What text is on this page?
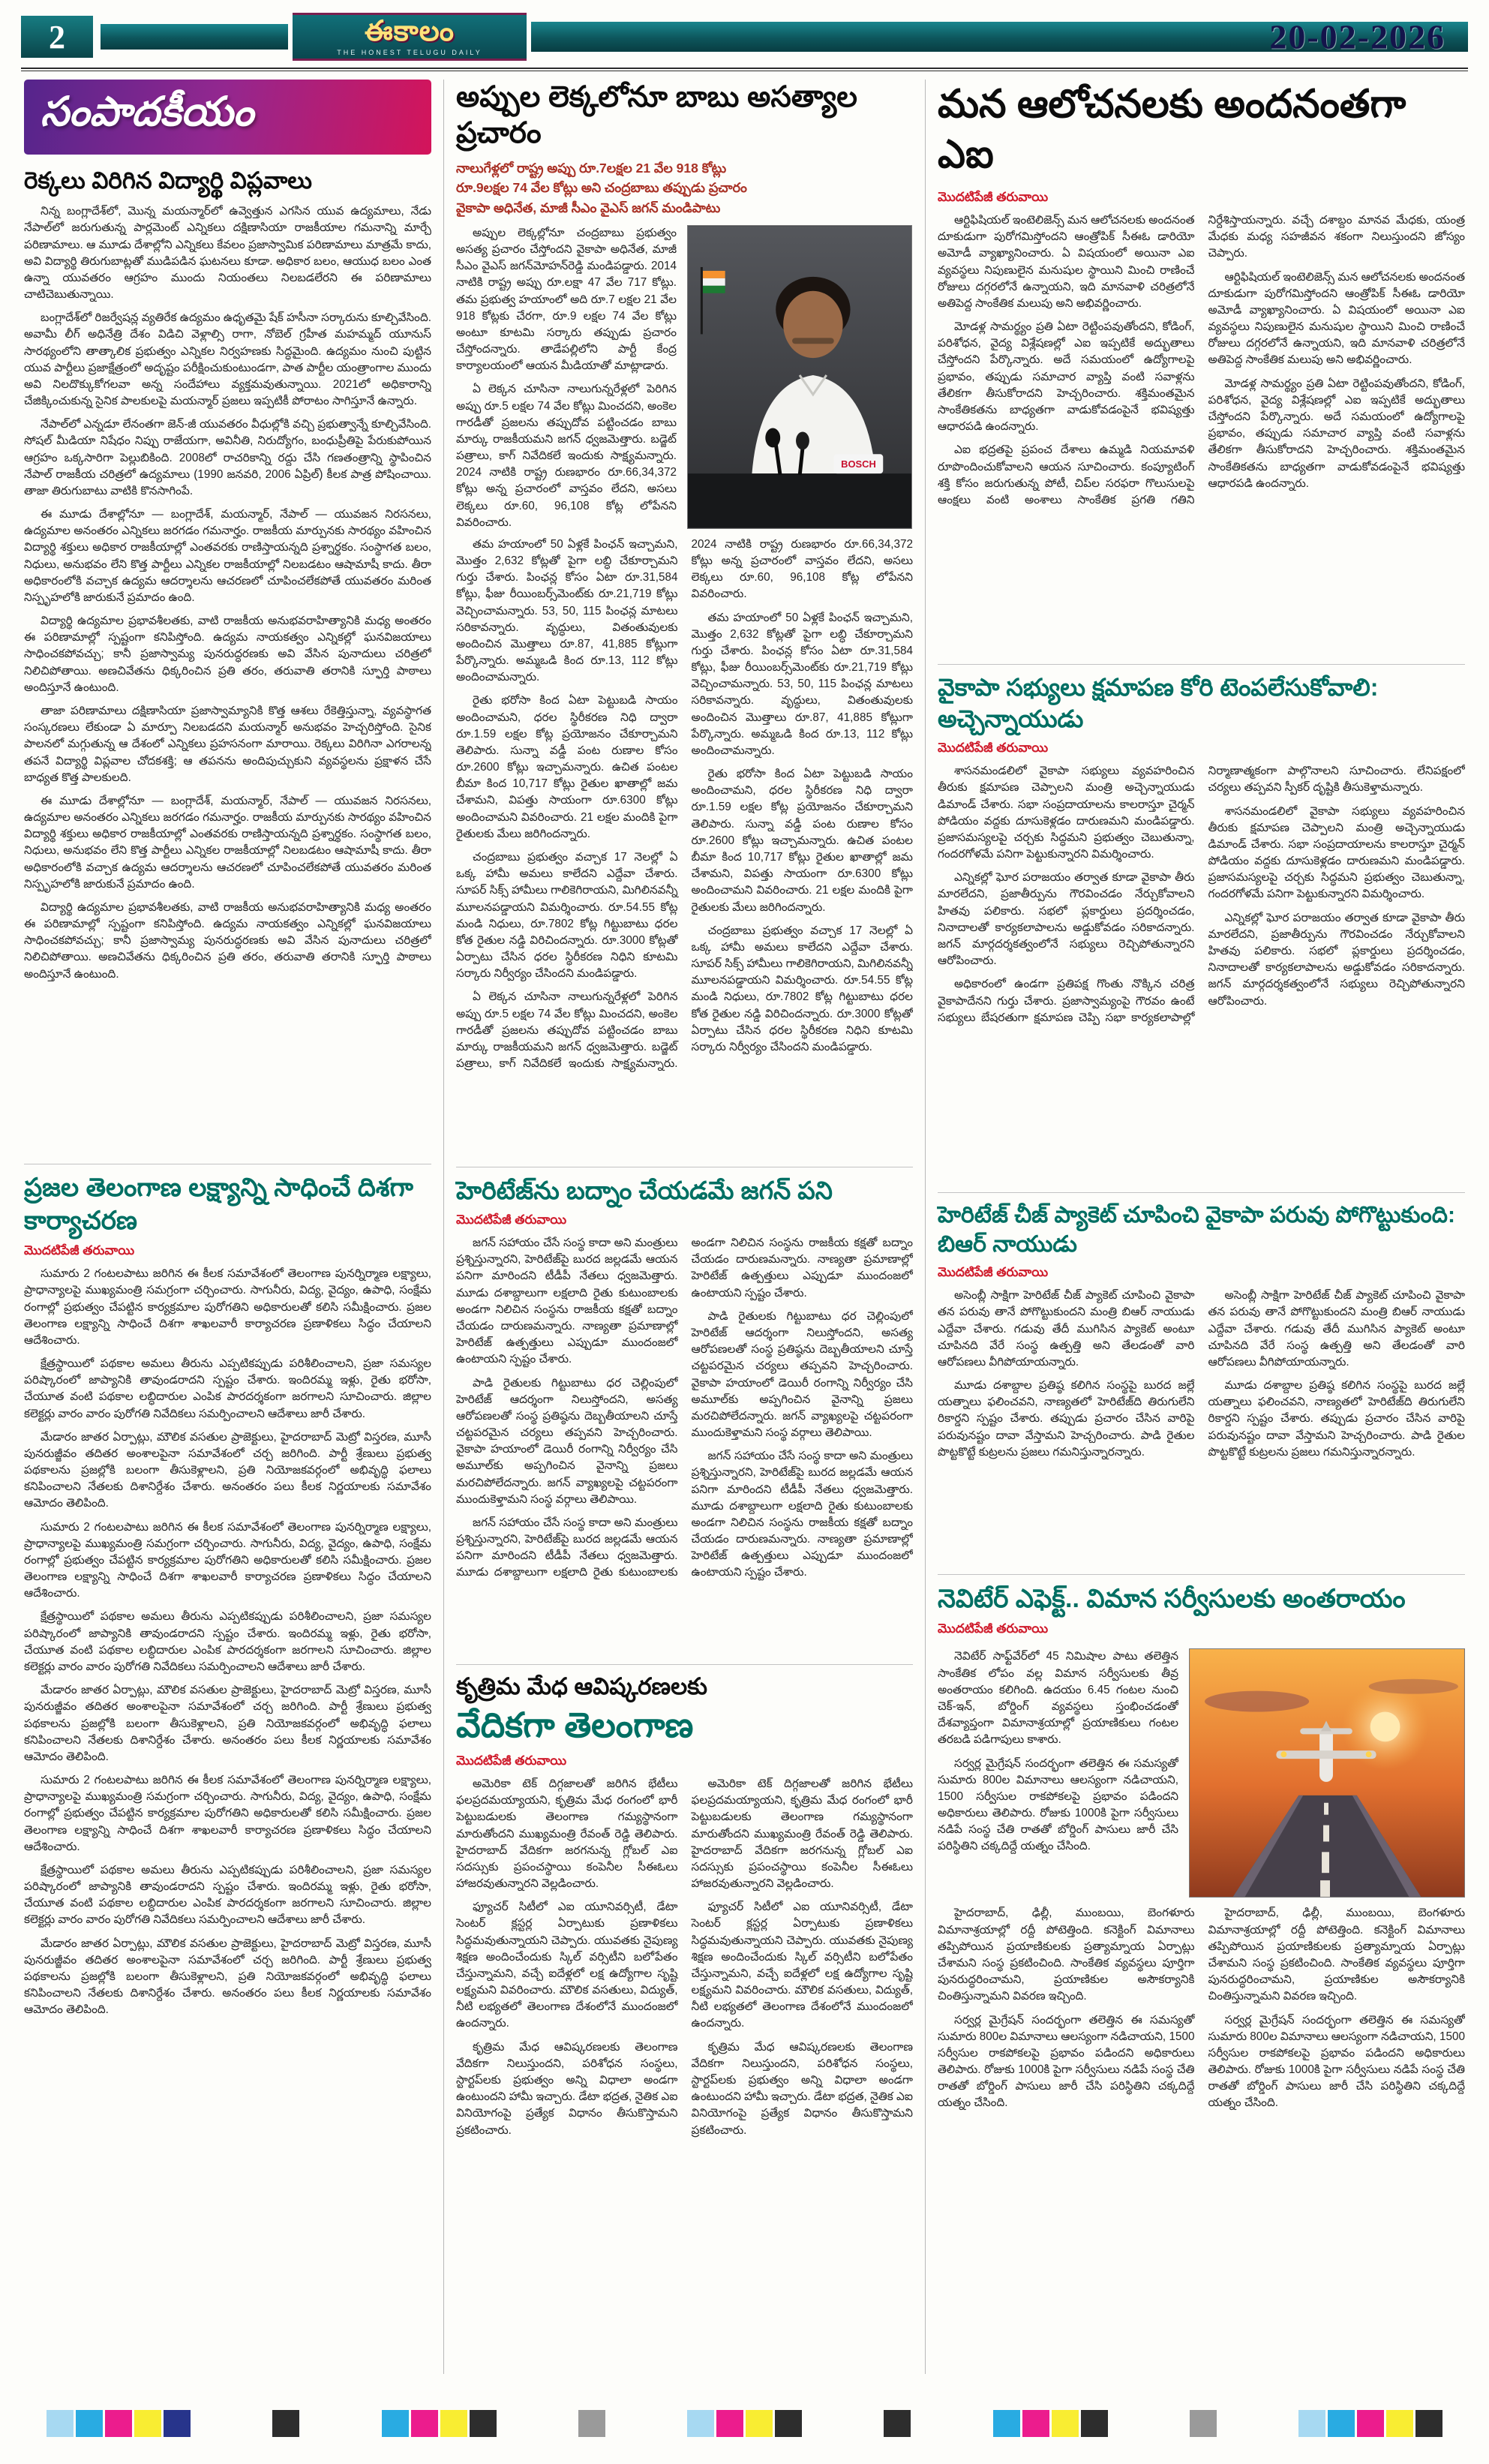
2	ఈకాలం
THE HONEST TELUGU DAILY	20-02-2026
సంపాదకీయం
రెక్కలు విరిగిన విద్యార్థి విప్లవాలు

నిన్న బంగ్లాదేశ్‌లో, మొన్న మయన్మార్‌లో ఉవ్వెత్తున ఎగసిన యువ ఉద్యమాలు, నేడు నేపాల్‌లో జరుగుతున్న పార్లమెంట్ ఎన్నికలు దక్షిణాసియా రాజకీయాల గమనాన్ని మార్చే పరిణామాలు. ఆ మూడు దేశాల్లోని ఎన్నికలు కేవలం ప్రజాస్వామిక పరిణామాలు మాత్రమే కాదు, అవి విద్యార్థి తిరుగుబాట్లతో ముడిపడిన ఘటనలు కూడా. అధికార బలం, ఆయుధ బలం ఎంత ఉన్నా యువతరం ఆగ్రహం ముందు నియంతలు నిలబడలేరని ఈ పరిణామాలు చాటిచెబుతున్నాయి.

బంగ్లాదేశ్‌లో రిజర్వేషన్ల వ్యతిరేక ఉద్యమం ఉధృతమై షేక్ హసీనా సర్కారును కూల్చివేసింది. అవామీ లీగ్ అధినేత్రి దేశం విడిచి వెళ్లాల్సి రాగా, నోబెల్ గ్రహీత మహమ్మద్ యూనుస్ సారథ్యంలోని తాత్కాలిక ప్రభుత్వం ఎన్నికల నిర్వహణకు సిద్ధమైంది. ఉద్యమం నుంచి పుట్టిన యువ పార్టీలు ప్రజాక్షేత్రంలో అదృష్టం పరీక్షించుకుంటుండగా, పాత పార్టీల యంత్రాంగాల ముందు అవి నిలదొక్కుకోగలవా అన్న సందేహాలు వ్యక్తమవుతున్నాయి. 2021లో అధికారాన్ని చేజిక్కించుకున్న సైనిక పాలకులపై మయన్మార్ ప్రజలు ఇప్పటికీ పోరాటం సాగిస్తూనే ఉన్నారు.

నేపాల్‌లో ఎన్నడూ లేనంతగా జెన్-జీ యువతరం వీధుల్లోకి వచ్చి ప్రభుత్వాన్నే కూల్చివేసింది. సోషల్ మీడియా నిషేధం నిప్పు రాజేయగా, అవినీతి, నిరుద్యోగం, బంధుప్రీతిపై పేరుకుపోయిన ఆగ్రహం ఒక్కసారిగా పెల్లుబికింది. 2008లో రాచరికాన్ని రద్దు చేసి గణతంత్రాన్ని స్థాపించిన నేపాల్ రాజకీయ చరిత్రలో ఉద్యమాలు (1990 జనవరి, 2006 ఏప్రిల్) కీలక పాత్ర పోషించాయి. తాజా తిరుగుబాటు వాటికి కొనసాగింపే.

ఈ మూడు దేశాల్లోనూ — బంగ్లాదేశ్, మయన్మార్, నేపాల్ — యువజన నిరసనలు, ఉద్యమాల అనంతరం ఎన్నికలు జరగడం గమనార్హం. రాజకీయ మార్పునకు సారథ్యం వహించిన విద్యార్థి శక్తులు అధికార రాజకీయాల్లో ఎంతవరకు రాణిస్తాయన్నది ప్రశ్నార్థకం. సంస్థాగత బలం, నిధులు, అనుభవం లేని కొత్త పార్టీలు ఎన్నికల రాజకీయాల్లో నిలబడటం ఆషామాషీ కాదు. తీరా అధికారంలోకి వచ్చాక ఉద్యమ ఆదర్శాలను ఆచరణలో చూపించలేకపోతే యువతరం మరింత నిస్పృహలోకి జారుకునే ప్రమాదం ఉంది.

విద్యార్థి ఉద్యమాల ప్రభావశీలతకు, వాటి రాజకీయ అనుభవరాహిత్యానికి మధ్య అంతరం ఈ పరిణామాల్లో స్పష్టంగా కనిపిస్తోంది. ఉద్యమ నాయకత్వం ఎన్నికల్లో ఘనవిజయాలు సాధించకపోవచ్చు; కానీ ప్రజాస్వామ్య పునరుద్ధరణకు అవి వేసిన పునాదులు చరిత్రలో నిలిచిపోతాయి. అణచివేతను ధిక్కరించిన ప్రతి తరం, తరువాతి తరానికి స్ఫూర్తి పాఠాలు అందిస్తూనే ఉంటుంది.

తాజా పరిణామాలు దక్షిణాసియా ప్రజాస్వామ్యానికి కొత్త ఆశలు రేకెత్తిస్తున్నా, వ్యవస్థాగత సంస్కరణలు లేకుండా ఏ మార్పూ నిలబడదని మయన్మార్ అనుభవం హెచ్చరిస్తోంది. సైనిక పాలనలో మగ్గుతున్న ఆ దేశంలో ఎన్నికలు ప్రహసనంగా మారాయి. రెక్కలు విరిగినా ఎగరాలన్న తపనే విద్యార్థి విప్లవాల చోదకశక్తి; ఆ తపనను అందిపుచ్చుకుని వ్యవస్థలను ప్రక్షాళన చేసే బాధ్యత కొత్త పాలకులది.

ఈ మూడు దేశాల్లోనూ — బంగ్లాదేశ్, మయన్మార్, నేపాల్ — యువజన నిరసనలు, ఉద్యమాల అనంతరం ఎన్నికలు జరగడం గమనార్హం. రాజకీయ మార్పునకు సారథ్యం వహించిన విద్యార్థి శక్తులు అధికార రాజకీయాల్లో ఎంతవరకు రాణిస్తాయన్నది ప్రశ్నార్థకం. సంస్థాగత బలం, నిధులు, అనుభవం లేని కొత్త పార్టీలు ఎన్నికల రాజకీయాల్లో నిలబడటం ఆషామాషీ కాదు. తీరా అధికారంలోకి వచ్చాక ఉద్యమ ఆదర్శాలను ఆచరణలో చూపించలేకపోతే యువతరం మరింత నిస్పృహలోకి జారుకునే ప్రమాదం ఉంది.

విద్యార్థి ఉద్యమాల ప్రభావశీలతకు, వాటి రాజకీయ అనుభవరాహిత్యానికి మధ్య అంతరం ఈ పరిణామాల్లో స్పష్టంగా కనిపిస్తోంది. ఉద్యమ నాయకత్వం ఎన్నికల్లో ఘనవిజయాలు సాధించకపోవచ్చు; కానీ ప్రజాస్వామ్య పునరుద్ధరణకు అవి వేసిన పునాదులు చరిత్రలో నిలిచిపోతాయి. అణచివేతను ధిక్కరించిన ప్రతి తరం, తరువాతి తరానికి స్ఫూర్తి పాఠాలు అందిస్తూనే ఉంటుంది.

ప్రజల తెలంగాణ లక్ష్యాన్ని సాధించే దిశగా కార్యాచరణ
మొదటిపేజీ తరువాయి

సుమారు 2 గంటలపాటు జరిగిన ఈ కీలక సమావేశంలో తెలంగాణ పునర్నిర్మాణ లక్ష్యాలు, ప్రాధాన్యాలపై ముఖ్యమంత్రి సమగ్రంగా చర్చించారు. సాగునీరు, విద్య, వైద్యం, ఉపాధి, సంక్షేమ రంగాల్లో ప్రభుత్వం చేపట్టిన కార్యక్రమాల పురోగతిని అధికారులతో కలిసి సమీక్షించారు. ప్రజల తెలంగాణ లక్ష్యాన్ని సాధించే దిశగా శాఖలవారీ కార్యాచరణ ప్రణాళికలు సిద్ధం చేయాలని ఆదేశించారు.

క్షేత్రస్థాయిలో పథకాల అమలు తీరును ఎప్పటికప్పుడు పరిశీలించాలని, ప్రజా సమస్యల పరిష్కారంలో జాప్యానికి తావుండరాదని స్పష్టం చేశారు. ఇందిరమ్మ ఇళ్లు, రైతు భరోసా, చేయూత వంటి పథకాల లబ్ధిదారుల ఎంపిక పారదర్శకంగా జరగాలని సూచించారు. జిల్లాల కలెక్టర్లు వారం వారం పురోగతి నివేదికలు సమర్పించాలని ఆదేశాలు జారీ చేశారు.

మేడారం జాతర ఏర్పాట్లు, మౌలిక వసతుల ప్రాజెక్టులు, హైదరాబాద్ మెట్రో విస్తరణ, మూసీ పునరుజ్జీవం తదితర అంశాలపైనా సమావేశంలో చర్చ జరిగింది. పార్టీ శ్రేణులు ప్రభుత్వ పథకాలను ప్రజల్లోకి బలంగా తీసుకెళ్లాలని, ప్రతి నియోజకవర్గంలో అభివృద్ధి ఫలాలు కనిపించాలని నేతలకు దిశానిర్దేశం చేశారు. అనంతరం పలు కీలక నిర్ణయాలకు సమావేశం ఆమోదం తెలిపింది.

సుమారు 2 గంటలపాటు జరిగిన ఈ కీలక సమావేశంలో తెలంగాణ పునర్నిర్మాణ లక్ష్యాలు, ప్రాధాన్యాలపై ముఖ్యమంత్రి సమగ్రంగా చర్చించారు. సాగునీరు, విద్య, వైద్యం, ఉపాధి, సంక్షేమ రంగాల్లో ప్రభుత్వం చేపట్టిన కార్యక్రమాల పురోగతిని అధికారులతో కలిసి సమీక్షించారు. ప్రజల తెలంగాణ లక్ష్యాన్ని సాధించే దిశగా శాఖలవారీ కార్యాచరణ ప్రణాళికలు సిద్ధం చేయాలని ఆదేశించారు.

క్షేత్రస్థాయిలో పథకాల అమలు తీరును ఎప్పటికప్పుడు పరిశీలించాలని, ప్రజా సమస్యల పరిష్కారంలో జాప్యానికి తావుండరాదని స్పష్టం చేశారు. ఇందిరమ్మ ఇళ్లు, రైతు భరోసా, చేయూత వంటి పథకాల లబ్ధిదారుల ఎంపిక పారదర్శకంగా జరగాలని సూచించారు. జిల్లాల కలెక్టర్లు వారం వారం పురోగతి నివేదికలు సమర్పించాలని ఆదేశాలు జారీ చేశారు.

మేడారం జాతర ఏర్పాట్లు, మౌలిక వసతుల ప్రాజెక్టులు, హైదరాబాద్ మెట్రో విస్తరణ, మూసీ పునరుజ్జీవం తదితర అంశాలపైనా సమావేశంలో చర్చ జరిగింది. పార్టీ శ్రేణులు ప్రభుత్వ పథకాలను ప్రజల్లోకి బలంగా తీసుకెళ్లాలని, ప్రతి నియోజకవర్గంలో అభివృద్ధి ఫలాలు కనిపించాలని నేతలకు దిశానిర్దేశం చేశారు. అనంతరం పలు కీలక నిర్ణయాలకు సమావేశం ఆమోదం తెలిపింది.

సుమారు 2 గంటలపాటు జరిగిన ఈ కీలక సమావేశంలో తెలంగాణ పునర్నిర్మాణ లక్ష్యాలు, ప్రాధాన్యాలపై ముఖ్యమంత్రి సమగ్రంగా చర్చించారు. సాగునీరు, విద్య, వైద్యం, ఉపాధి, సంక్షేమ రంగాల్లో ప్రభుత్వం చేపట్టిన కార్యక్రమాల పురోగతిని అధికారులతో కలిసి సమీక్షించారు. ప్రజల తెలంగాణ లక్ష్యాన్ని సాధించే దిశగా శాఖలవారీ కార్యాచరణ ప్రణాళికలు సిద్ధం చేయాలని ఆదేశించారు.

క్షేత్రస్థాయిలో పథకాల అమలు తీరును ఎప్పటికప్పుడు పరిశీలించాలని, ప్రజా సమస్యల పరిష్కారంలో జాప్యానికి తావుండరాదని స్పష్టం చేశారు. ఇందిరమ్మ ఇళ్లు, రైతు భరోసా, చేయూత వంటి పథకాల లబ్ధిదారుల ఎంపిక పారదర్శకంగా జరగాలని సూచించారు. జిల్లాల కలెక్టర్లు వారం వారం పురోగతి నివేదికలు సమర్పించాలని ఆదేశాలు జారీ చేశారు.

మేడారం జాతర ఏర్పాట్లు, మౌలిక వసతుల ప్రాజెక్టులు, హైదరాబాద్ మెట్రో విస్తరణ, మూసీ పునరుజ్జీవం తదితర అంశాలపైనా సమావేశంలో చర్చ జరిగింది. పార్టీ శ్రేణులు ప్రభుత్వ పథకాలను ప్రజల్లోకి బలంగా తీసుకెళ్లాలని, ప్రతి నియోజకవర్గంలో అభివృద్ధి ఫలాలు కనిపించాలని నేతలకు దిశానిర్దేశం చేశారు. అనంతరం పలు కీలక నిర్ణయాలకు సమావేశం ఆమోదం తెలిపింది.

అప్పుల లెక్కలోనూ బాబు అసత్యాల ప్రచారం
నాలుగేళ్లలో రాష్ట్ర అప్పు రూ.7లక్షల 21 వేల 918 కోట్లు
రూ.9లక్షల 74 వేల కోట్లు అని చంద్రబాబు తప్పుడు ప్రచారం
వైకాపా అధినేత, మాజీ సీఎం వైఎస్ జగన్ మండిపాటు

అప్పుల లెక్కల్లోనూ చంద్రబాబు ప్రభుత్వం అసత్య ప్రచారం చేస్తోందని వైకాపా అధినేత, మాజీ సీఎం వైఎస్ జగన్‌మోహన్‌రెడ్డి మండిపడ్డారు. 2014 నాటికి రాష్ట్ర అప్పు రూ.లక్షా 47 వేల 717 కోట్లు. తమ ప్రభుత్వ హయాంలో అది రూ.7 లక్షల 21 వేల 918 కోట్లకు చేరగా, రూ.9 లక్షల 74 వేల కోట్లు అంటూ కూటమి సర్కారు తప్పుడు ప్రచారం చేస్తోందన్నారు. తాడేపల్లిలోని పార్టీ కేంద్ర కార్యాలయంలో ఆయన మీడియాతో మాట్లాడారు.

ఏ లెక్కన చూసినా నాలుగున్నరేళ్లలో పెరిగిన అప్పు రూ.5 లక్షల 74 వేల కోట్లు మించదని, అంకెల గారడీతో ప్రజలను తప్పుదోవ పట్టించడం బాబు మార్కు రాజకీయమని జగన్ ధ్వజమెత్తారు. బడ్జెట్ పత్రాలు, కాగ్ నివేదికలే ఇందుకు సాక్ష్యమన్నారు. 2024 నాటికి రాష్ట్ర రుణభారం రూ.66,34,372 కోట్లు అన్న ప్రచారంలో వాస్తవం లేదని, అసలు లెక్కలు రూ.60, 96,108 కోట్ల లోపేనని వివరించారు.

BOSCH

తమ హయాంలో 50 ఏళ్లకే పింఛన్ ఇచ్చామని, మొత్తం 2,632 కోట్లతో పైగా లబ్ధి చేకూర్చామని గుర్తు చేశారు. పింఛన్ల కోసం ఏటా రూ.31,584 కోట్లు, ఫీజు రీయింబర్స్‌మెంట్‌కు రూ.21,719 కోట్లు వెచ్చించామన్నారు. 53, 50, 115 పింఛన్ల మాటలు సరికావన్నారు. వృద్ధులు, వితంతువులకు అందించిన మొత్తాలు రూ.87, 41,885 కోట్లుగా పేర్కొన్నారు. అమ్మఒడి కింద రూ.13, 112 కోట్లు అందించామన్నారు.

రైతు భరోసా కింద ఏటా పెట్టుబడి సాయం అందించామని, ధరల స్థిరీకరణ నిధి ద్వారా రూ.1.59 లక్షల కోట్ల ప్రయోజనం చేకూర్చామని తెలిపారు. సున్నా వడ్డీ పంట రుణాల కోసం రూ.2600 కోట్లు ఇచ్చామన్నారు. ఉచిత పంటల బీమా కింద 10,717 కోట్లు రైతుల ఖాతాల్లో జమ చేశామని, విపత్తు సాయంగా రూ.6300 కోట్లు అందించామని వివరించారు. 21 లక్షల మందికి పైగా రైతులకు మేలు జరిగిందన్నారు.

చంద్రబాబు ప్రభుత్వం వచ్చాక 17 నెలల్లో ఏ ఒక్క హామీ అమలు కాలేదని ఎద్దేవా చేశారు. సూపర్ సిక్స్ హామీలు గాలికెగిరాయని, మిగిలినవన్నీ మూలనపడ్డాయని విమర్శించారు. రూ.54.55 కోట్ల మండి నిధులు, రూ.7802 కోట్ల గిట్టుబాటు ధరల కోత రైతుల నడ్డి విరిచిందన్నారు. రూ.3000 కోట్లతో ఏర్పాటు చేసిన ధరల స్థిరీకరణ నిధిని కూటమి సర్కారు నిర్వీర్యం చేసిందని మండిపడ్డారు.

ఏ లెక్కన చూసినా నాలుగున్నరేళ్లలో పెరిగిన అప్పు రూ.5 లక్షల 74 వేల కోట్లు మించదని, అంకెల గారడీతో ప్రజలను తప్పుదోవ పట్టించడం బాబు మార్కు రాజకీయమని జగన్ ధ్వజమెత్తారు. బడ్జెట్ పత్రాలు, కాగ్ నివేదికలే ఇందుకు సాక్ష్యమన్నారు. 2024 నాటికి రాష్ట్ర రుణభారం రూ.66,34,372 కోట్లు అన్న ప్రచారంలో వాస్తవం లేదని, అసలు లెక్కలు రూ.60, 96,108 కోట్ల లోపేనని వివరించారు.

తమ హయాంలో 50 ఏళ్లకే పింఛన్ ఇచ్చామని, మొత్తం 2,632 కోట్లతో పైగా లబ్ధి చేకూర్చామని గుర్తు చేశారు. పింఛన్ల కోసం ఏటా రూ.31,584 కోట్లు, ఫీజు రీయింబర్స్‌మెంట్‌కు రూ.21,719 కోట్లు వెచ్చించామన్నారు. 53, 50, 115 పింఛన్ల మాటలు సరికావన్నారు. వృద్ధులు, వితంతువులకు అందించిన మొత్తాలు రూ.87, 41,885 కోట్లుగా పేర్కొన్నారు. అమ్మఒడి కింద రూ.13, 112 కోట్లు అందించామన్నారు.

రైతు భరోసా కింద ఏటా పెట్టుబడి సాయం అందించామని, ధరల స్థిరీకరణ నిధి ద్వారా రూ.1.59 లక్షల కోట్ల ప్రయోజనం చేకూర్చామని తెలిపారు. సున్నా వడ్డీ పంట రుణాల కోసం రూ.2600 కోట్లు ఇచ్చామన్నారు. ఉచిత పంటల బీమా కింద 10,717 కోట్లు రైతుల ఖాతాల్లో జమ చేశామని, విపత్తు సాయంగా రూ.6300 కోట్లు అందించామని వివరించారు. 21 లక్షల మందికి పైగా రైతులకు మేలు జరిగిందన్నారు.

చంద్రబాబు ప్రభుత్వం వచ్చాక 17 నెలల్లో ఏ ఒక్క హామీ అమలు కాలేదని ఎద్దేవా చేశారు. సూపర్ సిక్స్ హామీలు గాలికెగిరాయని, మిగిలినవన్నీ మూలనపడ్డాయని విమర్శించారు. రూ.54.55 కోట్ల మండి నిధులు, రూ.7802 కోట్ల గిట్టుబాటు ధరల కోత రైతుల నడ్డి విరిచిందన్నారు. రూ.3000 కోట్లతో ఏర్పాటు చేసిన ధరల స్థిరీకరణ నిధిని కూటమి సర్కారు నిర్వీర్యం చేసిందని మండిపడ్డారు.

హెరిటేజ్‌ను బద్నాం చేయడమే జగన్ పని
మొదటిపేజీ తరువాయి

జగన్ సహాయం చేసే సంస్థ కాదా అని మంత్రులు ప్రశ్నిస్తున్నారని, హెరిటేజ్‌పై బురద జల్లడమే ఆయన పనిగా మారిందని టీడీపీ నేతలు ధ్వజమెత్తారు. మూడు దశాబ్దాలుగా లక్షలాది రైతు కుటుంబాలకు అండగా నిలిచిన సంస్థను రాజకీయ కక్షతో బద్నాం చేయడం దారుణమన్నారు. నాణ్యతా ప్రమాణాల్లో హెరిటేజ్ ఉత్పత్తులు ఎప్పుడూ ముందంజలో ఉంటాయని స్పష్టం చేశారు.

పాడి రైతులకు గిట్టుబాటు ధర చెల్లింపులో హెరిటేజ్ ఆదర్శంగా నిలుస్తోందని, అసత్య ఆరోపణలతో సంస్థ ప్రతిష్ఠను దెబ్బతీయాలని చూస్తే చట్టపరమైన చర్యలు తప్పవని హెచ్చరించారు. వైకాపా హయాంలో డెయిరీ రంగాన్ని నిర్వీర్యం చేసి అమూల్‌కు అప్పగించిన వైనాన్ని ప్రజలు మరచిపోలేదన్నారు. జగన్ వ్యాఖ్యలపై చట్టపరంగా ముందుకెళ్తామని సంస్థ వర్గాలు తెలిపాయి.

జగన్ సహాయం చేసే సంస్థ కాదా అని మంత్రులు ప్రశ్నిస్తున్నారని, హెరిటేజ్‌పై బురద జల్లడమే ఆయన పనిగా మారిందని టీడీపీ నేతలు ధ్వజమెత్తారు. మూడు దశాబ్దాలుగా లక్షలాది రైతు కుటుంబాలకు అండగా నిలిచిన సంస్థను రాజకీయ కక్షతో బద్నాం చేయడం దారుణమన్నారు. నాణ్యతా ప్రమాణాల్లో హెరిటేజ్ ఉత్పత్తులు ఎప్పుడూ ముందంజలో ఉంటాయని స్పష్టం చేశారు.

పాడి రైతులకు గిట్టుబాటు ధర చెల్లింపులో హెరిటేజ్ ఆదర్శంగా నిలుస్తోందని, అసత్య ఆరోపణలతో సంస్థ ప్రతిష్ఠను దెబ్బతీయాలని చూస్తే చట్టపరమైన చర్యలు తప్పవని హెచ్చరించారు. వైకాపా హయాంలో డెయిరీ రంగాన్ని నిర్వీర్యం చేసి అమూల్‌కు అప్పగించిన వైనాన్ని ప్రజలు మరచిపోలేదన్నారు. జగన్ వ్యాఖ్యలపై చట్టపరంగా ముందుకెళ్తామని సంస్థ వర్గాలు తెలిపాయి.

జగన్ సహాయం చేసే సంస్థ కాదా అని మంత్రులు ప్రశ్నిస్తున్నారని, హెరిటేజ్‌పై బురద జల్లడమే ఆయన పనిగా మారిందని టీడీపీ నేతలు ధ్వజమెత్తారు. మూడు దశాబ్దాలుగా లక్షలాది రైతు కుటుంబాలకు అండగా నిలిచిన సంస్థను రాజకీయ కక్షతో బద్నాం చేయడం దారుణమన్నారు. నాణ్యతా ప్రమాణాల్లో హెరిటేజ్ ఉత్పత్తులు ఎప్పుడూ ముందంజలో ఉంటాయని స్పష్టం చేశారు.

కృత్రిమ మేధ ఆవిష్కరణలకు
వేదికగా తెలంగాణ
మొదటిపేజీ తరువాయి

అమెరికా టెక్ దిగ్గజాలతో జరిగిన భేటీలు ఫలప్రదమయ్యాయని, కృత్రిమ మేధ రంగంలో భారీ పెట్టుబడులకు తెలంగాణ గమ్యస్థానంగా మారుతోందని ముఖ్యమంత్రి రేవంత్ రెడ్డి తెలిపారు. హైదరాబాద్ వేదికగా జరగనున్న గ్లోబల్ ఎఐ సదస్సుకు ప్రపంచస్థాయి కంపెనీల సీఈఓలు హాజరవుతున్నారని వెల్లడించారు.

ఫ్యూచర్ సిటీలో ఎఐ యూనివర్సిటీ, డేటా సెంటర్ క్లస్టర్ల ఏర్పాటుకు ప్రణాళికలు సిద్ధమవుతున్నాయని చెప్పారు. యువతకు నైపుణ్య శిక్షణ అందించేందుకు స్కిల్ వర్సిటీని బలోపేతం చేస్తున్నామని, వచ్చే ఐదేళ్లలో లక్ష ఉద్యోగాల సృష్టి లక్ష్యమని వివరించారు. మౌలిక వసతులు, విద్యుత్, నీటి లభ్యతలో తెలంగాణ దేశంలోనే ముందంజలో ఉందన్నారు.

కృత్రిమ మేధ ఆవిష్కరణలకు తెలంగాణ వేదికగా నిలుస్తుందని, పరిశోధన సంస్థలు, స్టార్టప్‌లకు ప్రభుత్వం అన్ని విధాలా అండగా ఉంటుందని హామీ ఇచ్చారు. డేటా భద్రత, నైతిక ఎఐ వినియోగంపై ప్రత్యేక విధానం తీసుకొస్తామని ప్రకటించారు.

అమెరికా టెక్ దిగ్గజాలతో జరిగిన భేటీలు ఫలప్రదమయ్యాయని, కృత్రిమ మేధ రంగంలో భారీ పెట్టుబడులకు తెలంగాణ గమ్యస్థానంగా మారుతోందని ముఖ్యమంత్రి రేవంత్ రెడ్డి తెలిపారు. హైదరాబాద్ వేదికగా జరగనున్న గ్లోబల్ ఎఐ సదస్సుకు ప్రపంచస్థాయి కంపెనీల సీఈఓలు హాజరవుతున్నారని వెల్లడించారు.

ఫ్యూచర్ సిటీలో ఎఐ యూనివర్సిటీ, డేటా సెంటర్ క్లస్టర్ల ఏర్పాటుకు ప్రణాళికలు సిద్ధమవుతున్నాయని చెప్పారు. యువతకు నైపుణ్య శిక్షణ అందించేందుకు స్కిల్ వర్సిటీని బలోపేతం చేస్తున్నామని, వచ్చే ఐదేళ్లలో లక్ష ఉద్యోగాల సృష్టి లక్ష్యమని వివరించారు. మౌలిక వసతులు, విద్యుత్, నీటి లభ్యతలో తెలంగాణ దేశంలోనే ముందంజలో ఉందన్నారు.

కృత్రిమ మేధ ఆవిష్కరణలకు తెలంగాణ వేదికగా నిలుస్తుందని, పరిశోధన సంస్థలు, స్టార్టప్‌లకు ప్రభుత్వం అన్ని విధాలా అండగా ఉంటుందని హామీ ఇచ్చారు. డేటా భద్రత, నైతిక ఎఐ వినియోగంపై ప్రత్యేక విధానం తీసుకొస్తామని ప్రకటించారు.

మన ఆలోచనలకు అందనంతగా ఎఐ
మొదటిపేజీ తరువాయి

ఆర్టిఫిషియల్ ఇంటెలిజెన్స్ మన ఆలోచనలకు అందనంత దూకుడుగా పురోగమిస్తోందని ఆంత్రోపిక్ సీఈఓ డారియో అమోడీ వ్యాఖ్యానించారు. ఏ విషయంలో అయినా ఎఐ వ్యవస్థలు నిపుణులైన మనుషుల స్థాయిని మించి రాణించే రోజులు దగ్గరలోనే ఉన్నాయని, ఇది మానవాళి చరిత్రలోనే అతిపెద్ద సాంకేతిక మలుపు అని అభివర్ణించారు.

మోడళ్ల సామర్థ్యం ప్రతి ఏటా రెట్టింపవుతోందని, కోడింగ్, పరిశోధన, వైద్య విశ్లేషణల్లో ఎఐ ఇప్పటికే అద్భుతాలు చేస్తోందని పేర్కొన్నారు. అదే సమయంలో ఉద్యోగాలపై ప్రభావం, తప్పుడు సమాచార వ్యాప్తి వంటి సవాళ్లను తేలికగా తీసుకోరాదని హెచ్చరించారు. శక్తిమంతమైన సాంకేతికతను బాధ్యతగా వాడుకోవడంపైనే భవిష్యత్తు ఆధారపడి ఉందన్నారు.

ఎఐ భద్రతపై ప్రపంచ దేశాలు ఉమ్మడి నియమావళి రూపొందించుకోవాలని ఆయన సూచించారు. కంప్యూటింగ్ శక్తి కోసం జరుగుతున్న పోటీ, చిప్‌ల సరఫరా గొలుసులపై ఆంక్షలు వంటి అంశాలు సాంకేతిక ప్రగతి గతిని నిర్దేశిస్తాయన్నారు. వచ్చే దశాబ్దం మానవ మేధకు, యంత్ర మేధకు మధ్య సహజీవన శకంగా నిలుస్తుందని జోస్యం చెప్పారు.

ఆర్టిఫిషియల్ ఇంటెలిజెన్స్ మన ఆలోచనలకు అందనంత దూకుడుగా పురోగమిస్తోందని ఆంత్రోపిక్ సీఈఓ డారియో అమోడీ వ్యాఖ్యానించారు. ఏ విషయంలో అయినా ఎఐ వ్యవస్థలు నిపుణులైన మనుషుల స్థాయిని మించి రాణించే రోజులు దగ్గరలోనే ఉన్నాయని, ఇది మానవాళి చరిత్రలోనే అతిపెద్ద సాంకేతిక మలుపు అని అభివర్ణించారు.

మోడళ్ల సామర్థ్యం ప్రతి ఏటా రెట్టింపవుతోందని, కోడింగ్, పరిశోధన, వైద్య విశ్లేషణల్లో ఎఐ ఇప్పటికే అద్భుతాలు చేస్తోందని పేర్కొన్నారు. అదే సమయంలో ఉద్యోగాలపై ప్రభావం, తప్పుడు సమాచార వ్యాప్తి వంటి సవాళ్లను తేలికగా తీసుకోరాదని హెచ్చరించారు. శక్తిమంతమైన సాంకేతికతను బాధ్యతగా వాడుకోవడంపైనే భవిష్యత్తు ఆధారపడి ఉందన్నారు.

వైకాపా సభ్యులు క్షమాపణ కోరి టెంపలేసుకోవాలి: అచ్చెన్నాయుడు
మొదటిపేజీ తరువాయి

శాసనమండలిలో వైకాపా సభ్యులు వ్యవహరించిన తీరుకు క్షమాపణ చెప్పాలని మంత్రి అచ్చెన్నాయుడు డిమాండ్ చేశారు. సభా సంప్రదాయాలను కాలరాస్తూ చైర్మన్ పోడియం వద్దకు దూసుకెళ్లడం దారుణమని మండిపడ్డారు. ప్రజాసమస్యలపై చర్చకు సిద్ధమని ప్రభుత్వం చెబుతున్నా, గందరగోళమే పనిగా పెట్టుకున్నారని విమర్శించారు.

ఎన్నికల్లో ఘోర పరాజయం తర్వాత కూడా వైకాపా తీరు మారలేదని, ప్రజాతీర్పును గౌరవించడం నేర్చుకోవాలని హితవు పలికారు. సభలో ప్లకార్డులు ప్రదర్శించడం, నినాదాలతో కార్యకలాపాలను అడ్డుకోవడం సరికాదన్నారు. జగన్ మార్గదర్శకత్వంలోనే సభ్యులు రెచ్చిపోతున్నారని ఆరోపించారు.

అధికారంలో ఉండగా ప్రతిపక్ష గొంతు నొక్కిన చరిత్ర వైకాపాదేనని గుర్తు చేశారు. ప్రజాస్వామ్యంపై గౌరవం ఉంటే సభ్యులు బేషరతుగా క్షమాపణ చెప్పి సభా కార్యకలాపాల్లో నిర్మాణాత్మకంగా పాల్గొనాలని సూచించారు. లేనిపక్షంలో చర్యలు తప్పవని స్పీకర్ దృష్టికి తీసుకెళ్తామన్నారు.

శాసనమండలిలో వైకాపా సభ్యులు వ్యవహరించిన తీరుకు క్షమాపణ చెప్పాలని మంత్రి అచ్చెన్నాయుడు డిమాండ్ చేశారు. సభా సంప్రదాయాలను కాలరాస్తూ చైర్మన్ పోడియం వద్దకు దూసుకెళ్లడం దారుణమని మండిపడ్డారు. ప్రజాసమస్యలపై చర్చకు సిద్ధమని ప్రభుత్వం చెబుతున్నా, గందరగోళమే పనిగా పెట్టుకున్నారని విమర్శించారు.

ఎన్నికల్లో ఘోర పరాజయం తర్వాత కూడా వైకాపా తీరు మారలేదని, ప్రజాతీర్పును గౌరవించడం నేర్చుకోవాలని హితవు పలికారు. సభలో ప్లకార్డులు ప్రదర్శించడం, నినాదాలతో కార్యకలాపాలను అడ్డుకోవడం సరికాదన్నారు. జగన్ మార్గదర్శకత్వంలోనే సభ్యులు రెచ్చిపోతున్నారని ఆరోపించారు.

హెరిటేజ్ చీజ్ ప్యాకెట్ చూపించి వైకాపా పరువు పోగొట్టుకుంది: బిఆర్ నాయుడు
మొదటిపేజీ తరువాయి

అసెంబ్లీ సాక్షిగా హెరిటేజ్ చీజ్ ప్యాకెట్ చూపించి వైకాపా తన పరువు తానే పోగొట్టుకుందని మంత్రి బిఆర్ నాయుడు ఎద్దేవా చేశారు. గడువు తేదీ ముగిసిన ప్యాకెట్ అంటూ చూపినది వేరే సంస్థ ఉత్పత్తి అని తేలడంతో వారి ఆరోపణలు వీగిపోయాయన్నారు.

మూడు దశాబ్దాల ప్రతిష్ఠ కలిగిన సంస్థపై బురద జల్లే యత్నాలు ఫలించవని, నాణ్యతలో హెరిటేజ్‌ది తిరుగులేని రికార్డని స్పష్టం చేశారు. తప్పుడు ప్రచారం చేసిన వారిపై పరువునష్టం దావా వేస్తామని హెచ్చరించారు. పాడి రైతుల పొట్టకొట్టే కుట్రలను ప్రజలు గమనిస్తున్నారన్నారు.

అసెంబ్లీ సాక్షిగా హెరిటేజ్ చీజ్ ప్యాకెట్ చూపించి వైకాపా తన పరువు తానే పోగొట్టుకుందని మంత్రి బిఆర్ నాయుడు ఎద్దేవా చేశారు. గడువు తేదీ ముగిసిన ప్యాకెట్ అంటూ చూపినది వేరే సంస్థ ఉత్పత్తి అని తేలడంతో వారి ఆరోపణలు వీగిపోయాయన్నారు.

మూడు దశాబ్దాల ప్రతిష్ఠ కలిగిన సంస్థపై బురద జల్లే యత్నాలు ఫలించవని, నాణ్యతలో హెరిటేజ్‌ది తిరుగులేని రికార్డని స్పష్టం చేశారు. తప్పుడు ప్రచారం చేసిన వారిపై పరువునష్టం దావా వేస్తామని హెచ్చరించారు. పాడి రైతుల పొట్టకొట్టే కుట్రలను ప్రజలు గమనిస్తున్నారన్నారు.

నెవిటేర్ ఎఫెక్ట్.. విమాన సర్వీసులకు అంతరాయం
మొదటిపేజీ తరువాయి

నెవిటేర్ సాఫ్ట్‌వేర్‌లో 45 నిమిషాల పాటు తలెత్తిన సాంకేతిక లోపం వల్ల విమాన సర్వీసులకు తీవ్ర అంతరాయం కలిగింది. ఉదయం 6.45 గంటల నుంచి చెక్-ఇన్, బోర్డింగ్ వ్యవస్థలు స్తంభించడంతో దేశవ్యాప్తంగా విమానాశ్రయాల్లో ప్రయాణికులు గంటల తరబడి పడిగాపులు కాశారు.

సర్వర్ల మైగ్రేషన్ సందర్భంగా తలెత్తిన ఈ సమస్యతో సుమారు 800ల విమానాలు ఆలస్యంగా నడిచాయని, 1500 సర్వీసుల రాకపోకలపై ప్రభావం పడిందని అధికారులు తెలిపారు. రోజుకు 1000కి పైగా సర్వీసులు నడిపే సంస్థ చేతి రాతతో బోర్డింగ్ పాసులు జారీ చేసి పరిస్థితిని చక్కదిద్దే యత్నం చేసింది.

హైదరాబాద్, ఢిల్లీ, ముంబయి, బెంగళూరు విమానాశ్రయాల్లో రద్దీ పోటెత్తింది. కనెక్టింగ్ విమానాలు తప్పిపోయిన ప్రయాణికులకు ప్రత్యామ్నాయ ఏర్పాట్లు చేశామని సంస్థ ప్రకటించింది. సాంకేతిక వ్యవస్థలు పూర్తిగా పునరుద్ధరించామని, ప్రయాణికుల అసౌకర్యానికి చింతిస్తున్నామని వివరణ ఇచ్చింది.

సర్వర్ల మైగ్రేషన్ సందర్భంగా తలెత్తిన ఈ సమస్యతో సుమారు 800ల విమానాలు ఆలస్యంగా నడిచాయని, 1500 సర్వీసుల రాకపోకలపై ప్రభావం పడిందని అధికారులు తెలిపారు. రోజుకు 1000కి పైగా సర్వీసులు నడిపే సంస్థ చేతి రాతతో బోర్డింగ్ పాసులు జారీ చేసి పరిస్థితిని చక్కదిద్దే యత్నం చేసింది.

హైదరాబాద్, ఢిల్లీ, ముంబయి, బెంగళూరు విమానాశ్రయాల్లో రద్దీ పోటెత్తింది. కనెక్టింగ్ విమానాలు తప్పిపోయిన ప్రయాణికులకు ప్రత్యామ్నాయ ఏర్పాట్లు చేశామని సంస్థ ప్రకటించింది. సాంకేతిక వ్యవస్థలు పూర్తిగా పునరుద్ధరించామని, ప్రయాణికుల అసౌకర్యానికి చింతిస్తున్నామని వివరణ ఇచ్చింది.

సర్వర్ల మైగ్రేషన్ సందర్భంగా తలెత్తిన ఈ సమస్యతో సుమారు 800ల విమానాలు ఆలస్యంగా నడిచాయని, 1500 సర్వీసుల రాకపోకలపై ప్రభావం పడిందని అధికారులు తెలిపారు. రోజుకు 1000కి పైగా సర్వీసులు నడిపే సంస్థ చేతి రాతతో బోర్డింగ్ పాసులు జారీ చేసి పరిస్థితిని చక్కదిద్దే యత్నం చేసింది.
